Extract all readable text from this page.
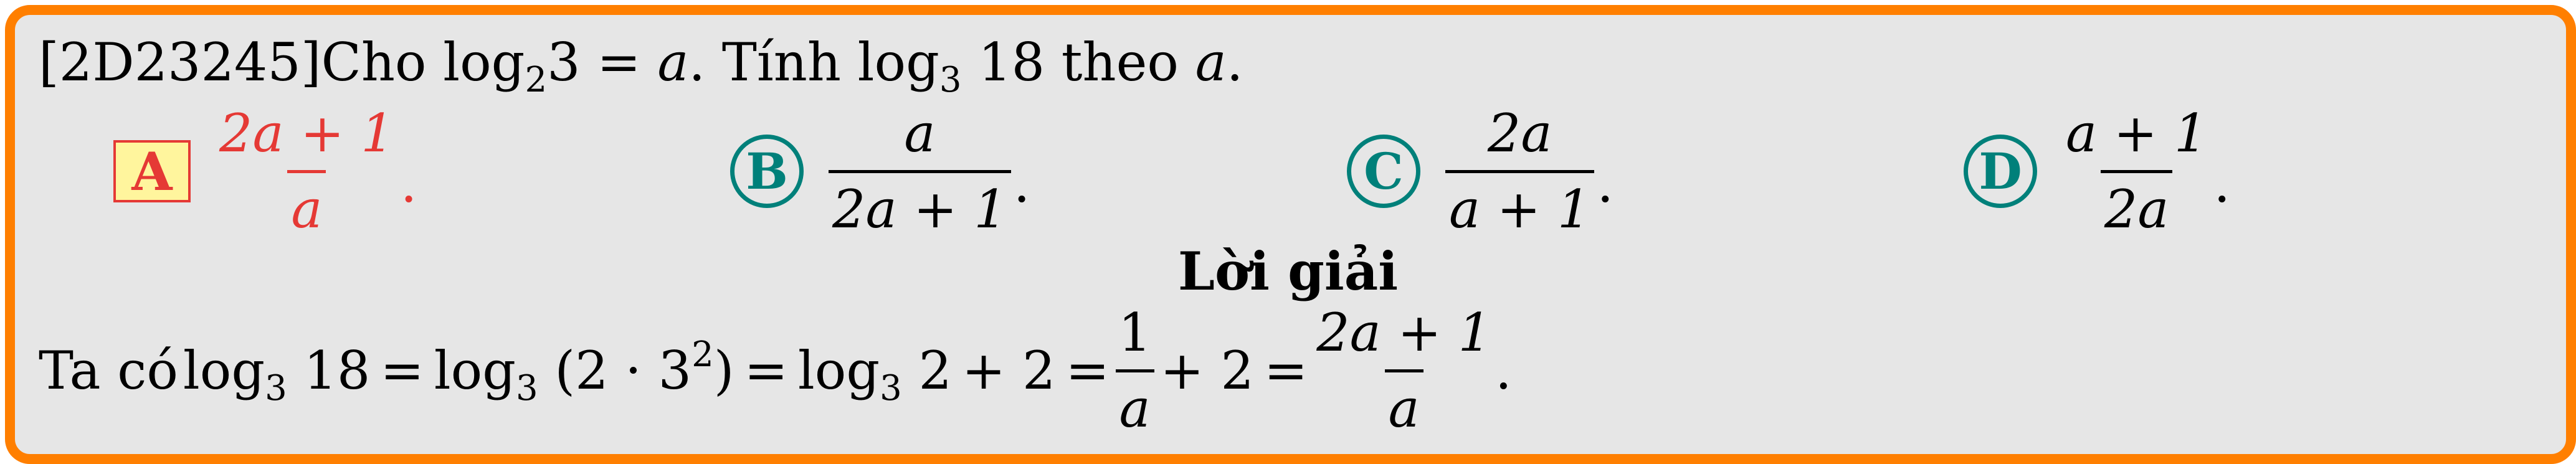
[2D23245]Cho $\log_23 = a$. Tính $\log_3 18$ theo a.
A $\frac{2a + 1}{a}$ .	B $\frac{a}{2a + 1}$ .	C $\frac{2a}{a + 1}$ .	D $\frac{a + 1}{2a}$ .
Lời giải
Ta có $\log_3 18 = \log_3 (2 \cdot 3^2) = \log_3 2 + 2 = \frac{1}{a} + 2 = \frac{2a + 1}{a}$ .
